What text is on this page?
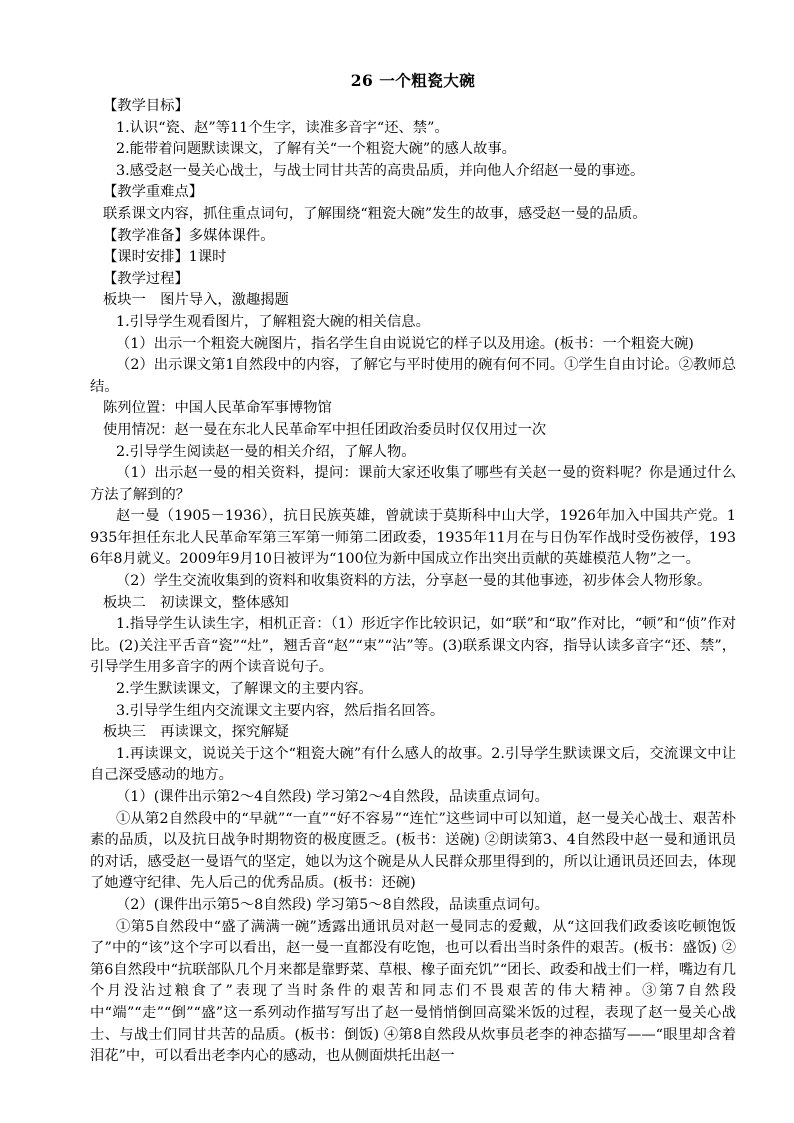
26 一个粗瓷大碗

【教学目标】

1.认识“瓷、赵”等11个生字，读准多音字“还、禁”。

2.能带着问题默读课文，了解有关“一个粗瓷大碗”的感人故事。

3.感受赵一曼关心战士，与战士同甘共苦的高贵品质，并向他人介绍赵一曼的事迹。

【教学重难点】

联系课文内容，抓住重点词句，了解围绕“粗瓷大碗”发生的故事，感受赵一曼的品质。

【教学准备】多媒体课件。

【课时安排】1课时

【教学过程】

板块一　图片导入，激趣揭题

1.引导学生观看图片，了解粗瓷大碗的相关信息。

（1）出示一个粗瓷大碗图片，指名学生自由说说它的样子以及用途。(板书：一个粗瓷大碗)

（2）出示课文第1自然段中的内容，了解它与平时使用的碗有何不同。①学生自由讨论。②教师总结。

陈列位置：中国人民革命军事博物馆

使用情况：赵一曼在东北人民革命军中担任团政治委员时仅仅用过一次

2.引导学生阅读赵一曼的相关介绍，了解人物。

（1）出示赵一曼的相关资料，提问：课前大家还收集了哪些有关赵一曼的资料呢？你是通过什么方法了解到的？

赵一曼（1905－1936），抗日民族英雄，曾就读于莫斯科中山大学，1926年加入中国共产党。1935年担任东北人民革命军第三军第一师第二团政委，1935年11月在与日伪军作战时受伤被俘，1936年8月就义。2009年9月10日被评为“100位为新中国成立作出突出贡献的英雄模范人物”之一。

（2）学生交流收集到的资料和收集资料的方法，分享赵一曼的其他事迹，初步体会人物形象。

板块二　初读课文，整体感知

1.指导学生认读生字，相机正音：（1）形近字作比较识记，如“联”和“取”作对比，“顿”和“侦”作对比。(2)关注平舌音“瓷”“灶”，翘舌音“赵”“束”“沾”等。(3)联系课文内容，指导认读多音字“还、禁”，引导学生用多音字的两个读音说句子。

2.学生默读课文，了解课文的主要内容。

3.引导学生组内交流课文主要内容，然后指名回答。

板块三　再读课文，探究解疑

1.再读课文，说说关于这个“粗瓷大碗”有什么感人的故事。2.引导学生默读课文后，交流课文中让自己深受感动的地方。

（1）(课件出示第2～4自然段) 学习第2～4自然段，品读重点词句。

①从第2自然段中的“早就”“一直”“好不容易”“连忙”这些词中可以知道，赵一曼关心战士、艰苦朴素的品质，以及抗日战争时期物资的极度匮乏。(板书：送碗) ②朗读第3、4自然段中赵一曼和通讯员的对话，感受赵一曼语气的坚定，她以为这个碗是从人民群众那里得到的，所以让通讯员还回去，体现了她遵守纪律、先人后己的优秀品质。(板书：还碗)

（2）(课件出示第5～8自然段) 学习第5～8自然段，品读重点词句。

①第5自然段中“盛了满满一碗”透露出通讯员对赵一曼同志的爱戴，从“这回我们政委该吃顿饱饭了”中的“该”这个字可以看出，赵一曼一直都没有吃饱，也可以看出当时条件的艰苦。(板书：盛饭) ②第6自然段中“抗联部队几个月来都是靠野菜、草根、橡子面充饥”“团长、政委和战士们一样，嘴边有几个月没沾过粮食了”表现了当时条件的艰苦和同志们不畏艰苦的伟大精神。③第7自然段中“端”“走”“倒”“盛”这一系列动作描写写出了赵一曼悄悄倒回高粱米饭的过程，表现了赵一曼关心战士、与战士们同甘共苦的品质。(板书：倒饭) ④第8自然段从炊事员老李的神态描写——“眼里却含着泪花”中，可以看出老李内心的感动，也从侧面烘托出赵一
